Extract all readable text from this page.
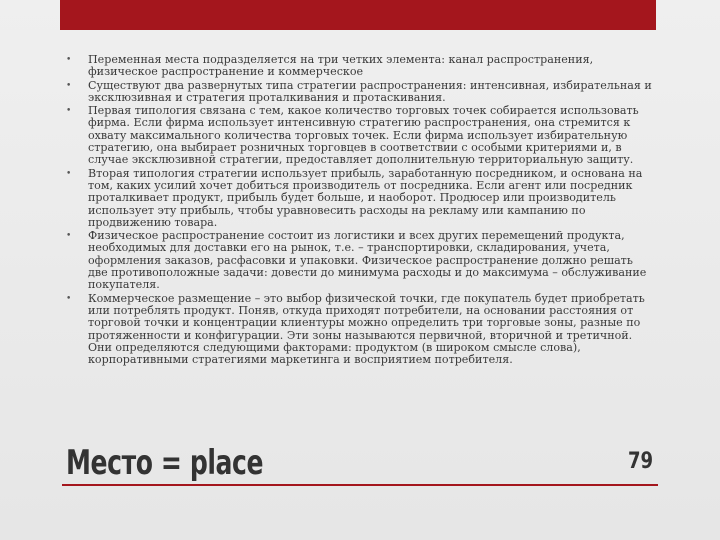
• Переменная места подразделяется на три четких элемента: канал распространения, физическое распространение и коммерческое
• Существуют два развернутых типа стратегии распространения: интенсивная, избирательная и эксклюзивная и стратегия проталкивания и протаскивания.
• Первая типология связана с тем, какое количество торговых точек собирается использовать фирма. Если фирма использует интенсивную стратегию распространения, она стремится к охвату максимального количества торговых точек. Если фирма использует избирательную стратегию, она выбирает розничных торговцев в соответствии с особыми критериями и, в случае эксклюзивной стратегии, предоставляет дополнительную территориальную защиту.
• Вторая типология стратегии использует прибыль, заработанную посредником, и основана на том, каких усилий хочет добиться производитель от посредника. Если агент или посредник проталкивает продукт, прибыль будет больше, и наоборот. Продюсер или производитель использует эту прибыль, чтобы уравновесить расходы на рекламу или кампанию по продвижению товара.
• Физическое распространение состоит из логистики и всех других перемещений продукта, необходимых для доставки его на рынок, т.е. – транспортировки, складирования, учета, оформления заказов, расфасовки и упаковки. Физическое распространение должно решать две противоположные задачи: довести до минимума расходы и до максимума – обслуживание покупателя.
• Коммерческое размещение – это выбор физической точки, где покупатель будет приобретать или потреблять продукт. Поняв, откуда приходят потребители, на основании расстояния от торговой точки и концентрации клиентуры можно определить три торговые зоны, разные по протяженности и конфигурации. Эти зоны называются первичной, вторичной и третичной. Они определяются следующими факторами: продуктом (в широком смысле слова), корпоративными стратегиями маркетинга и восприятием потребителя.
Место = place	79
